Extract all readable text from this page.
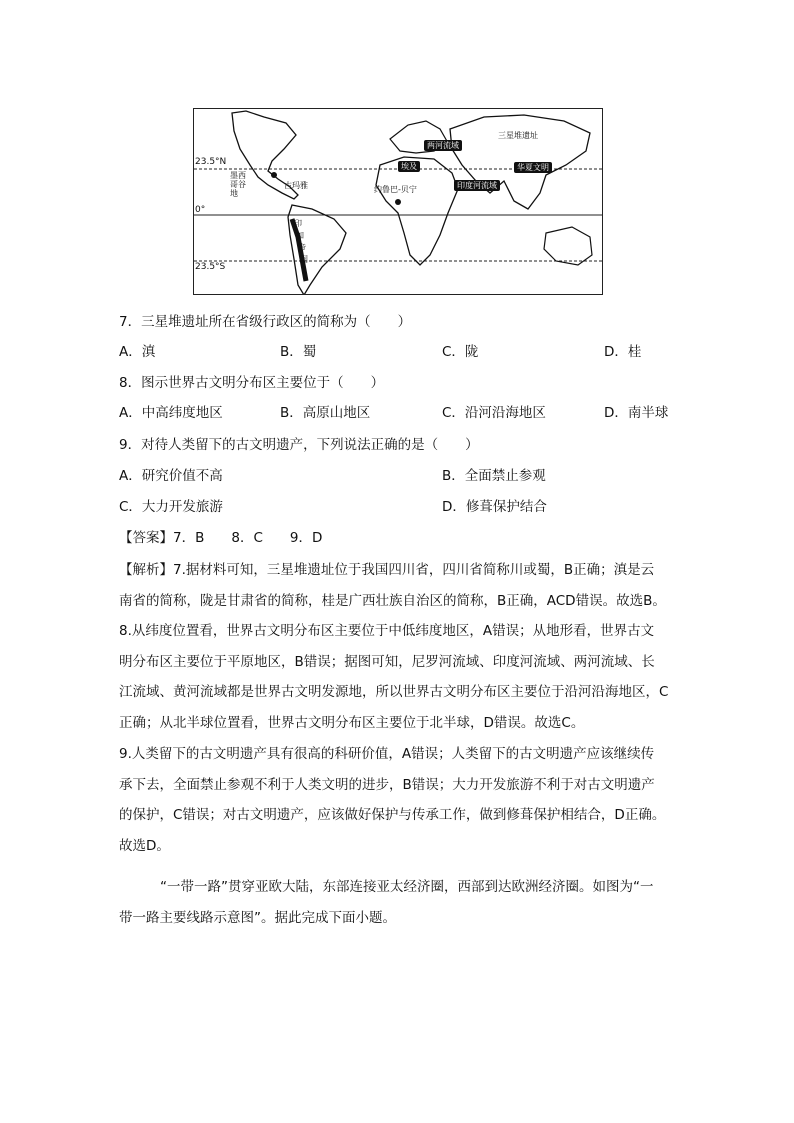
23.5°N
0°
23.5°S
墨西哥谷地
古玛雅
印
加
帝
国
约鲁巴-贝宁
三星堆遗址
埃及
两河流域
印度河流域
华夏文明
7．三星堆遗址所在省级行政区的简称为（　　）
A．滇	B．蜀	C．陇	D．桂
8．图示世界古文明分布区主要位于（　　）
A．中高纬度地区	B．高原山地区	C．沿河沿海地区	D．南半球
9．对待人类留下的古文明遗产，下列说法正确的是（　　）
A．研究价值不高	B．全面禁止参观
C．大力开发旅游	D．修葺保护结合
【答案】7．B　　8．C　　9．D
【解析】7.据材料可知，三星堆遗址位于我国四川省，四川省简称川或蜀，B正确；滇是云
南省的简称，陇是甘肃省的简称，桂是广西壮族自治区的简称，B正确，ACD错误。故选B。
8.从纬度位置看，世界古文明分布区主要位于中低纬度地区，A错误；从地形看，世界古文
明分布区主要位于平原地区，B错误；据图可知，尼罗河流域、印度河流域、两河流域、长
江流域、黄河流域都是世界古文明发源地，所以世界古文明分布区主要位于沿河沿海地区，C
正确；从北半球位置看，世界古文明分布区主要位于北半球，D错误。故选C。
9.人类留下的古文明遗产具有很高的科研价值，A错误；人类留下的古文明遗产应该继续传
承下去，全面禁止参观不利于人类文明的进步，B错误；大力开发旅游不利于对古文明遗产
的保护，C错误；对古文明遗产，应该做好保护与传承工作，做到修葺保护相结合，D正确。
故选D。
“一带一路”贯穿亚欧大陆，东部连接亚太经济圈，西部到达欧洲经济圈。如图为“一
带一路主要线路示意图”。据此完成下面小题。
